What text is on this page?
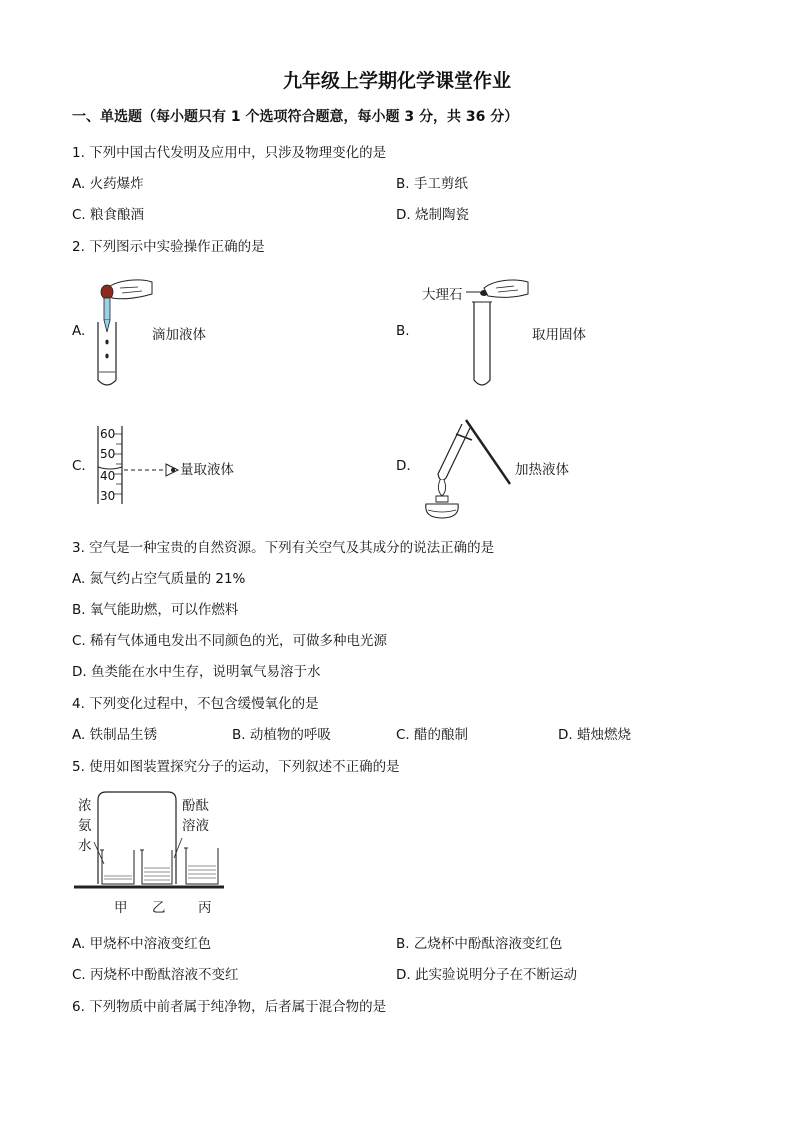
九年级上学期化学课堂作业
一、单选题（每小题只有 1 个选项符合题意，每小题 3 分，共 36 分）
1. 下列中国古代发明及应用中，只涉及物理变化的是
A. 火药爆炸	B. 手工剪纸
C. 粮食酿酒	D. 烧制陶瓷
2. 下列图示中实验操作正确的是
A.	滴加液体	B.
大理石
取用固体
C.
60
50
40
30
量取液体	D.	加热液体
3. 空气是一种宝贵的自然资源。下列有关空气及其成分的说法正确的是
A. 氮气约占空气质量的 21%
B. 氧气能助燃，可以作燃料
C. 稀有气体通电发出不同颜色的光，可做多种电光源
D. 鱼类能在水中生存，说明氧气易溶于水
4. 下列变化过程中，不包含缓慢氧化的是
A. 铁制品生锈	B. 动植物的呼吸	C. 醋的酿制	D. 蜡烛燃烧
5. 使用如图装置探究分子的运动，下列叙述不正确的是
浓
氨
水
酚酞
溶液
甲 乙 丙
A. 甲烧杯中溶液变红色	B. 乙烧杯中酚酞溶液变红色
C. 丙烧杯中酚酞溶液不变红	D. 此实验说明分子在不断运动
6. 下列物质中前者属于纯净物，后者属于混合物的是
